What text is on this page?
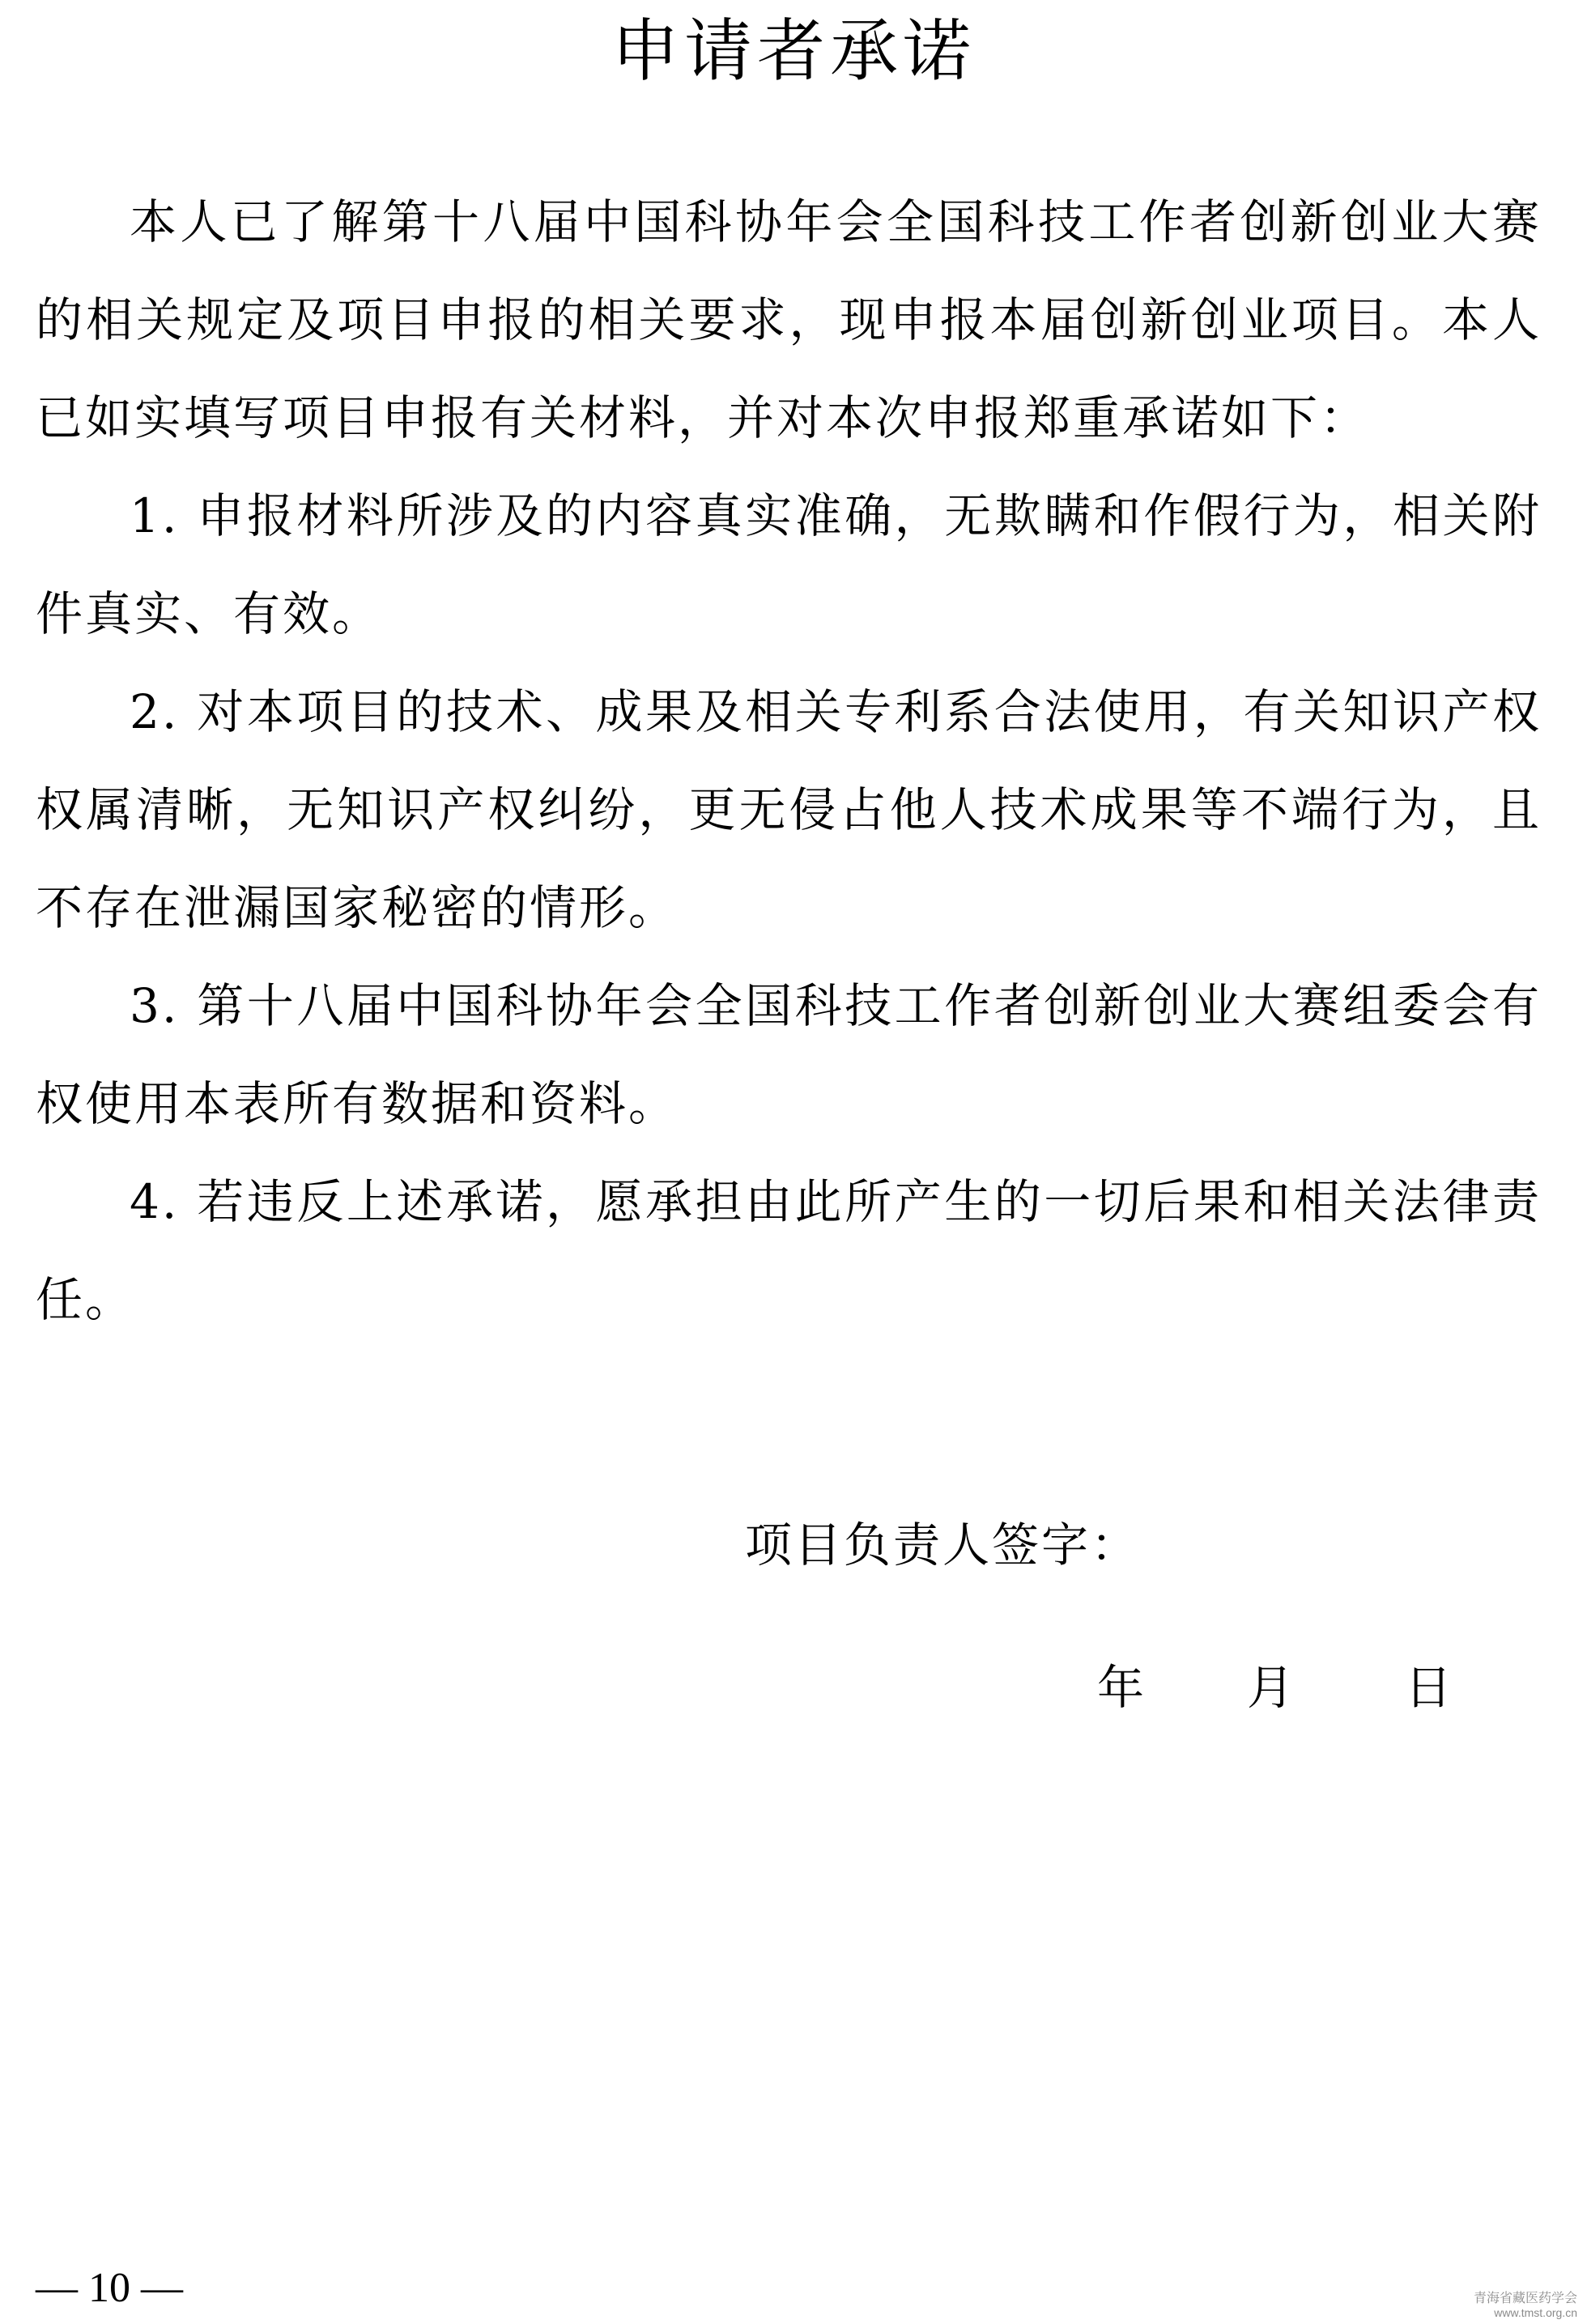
申请者承诺

本人已了解第十八届中国科协年会全国科技工作者创新创业大赛的相关规定及项目申报的相关要求，现申报本届创新创业项目。本人已如实填写项目申报有关材料，并对本次申报郑重承诺如下：

1. 申报材料所涉及的内容真实准确，无欺瞒和作假行为，相关附件真实、有效。

2. 对本项目的技术、成果及相关专利系合法使用，有关知识产权权属清晰，无知识产权纠纷，更无侵占他人技术成果等不端行为，且不存在泄漏国家秘密的情形。

3. 第十八届中国科协年会全国科技工作者创新创业大赛组委会有权使用本表所有数据和资料。

4. 若违反上述承诺，愿承担由此所产生的一切后果和相关法律责任。

项目负责人签字：
年 月 日
— 10 —	青海省藏医药学会
www.tmst.org.cn
